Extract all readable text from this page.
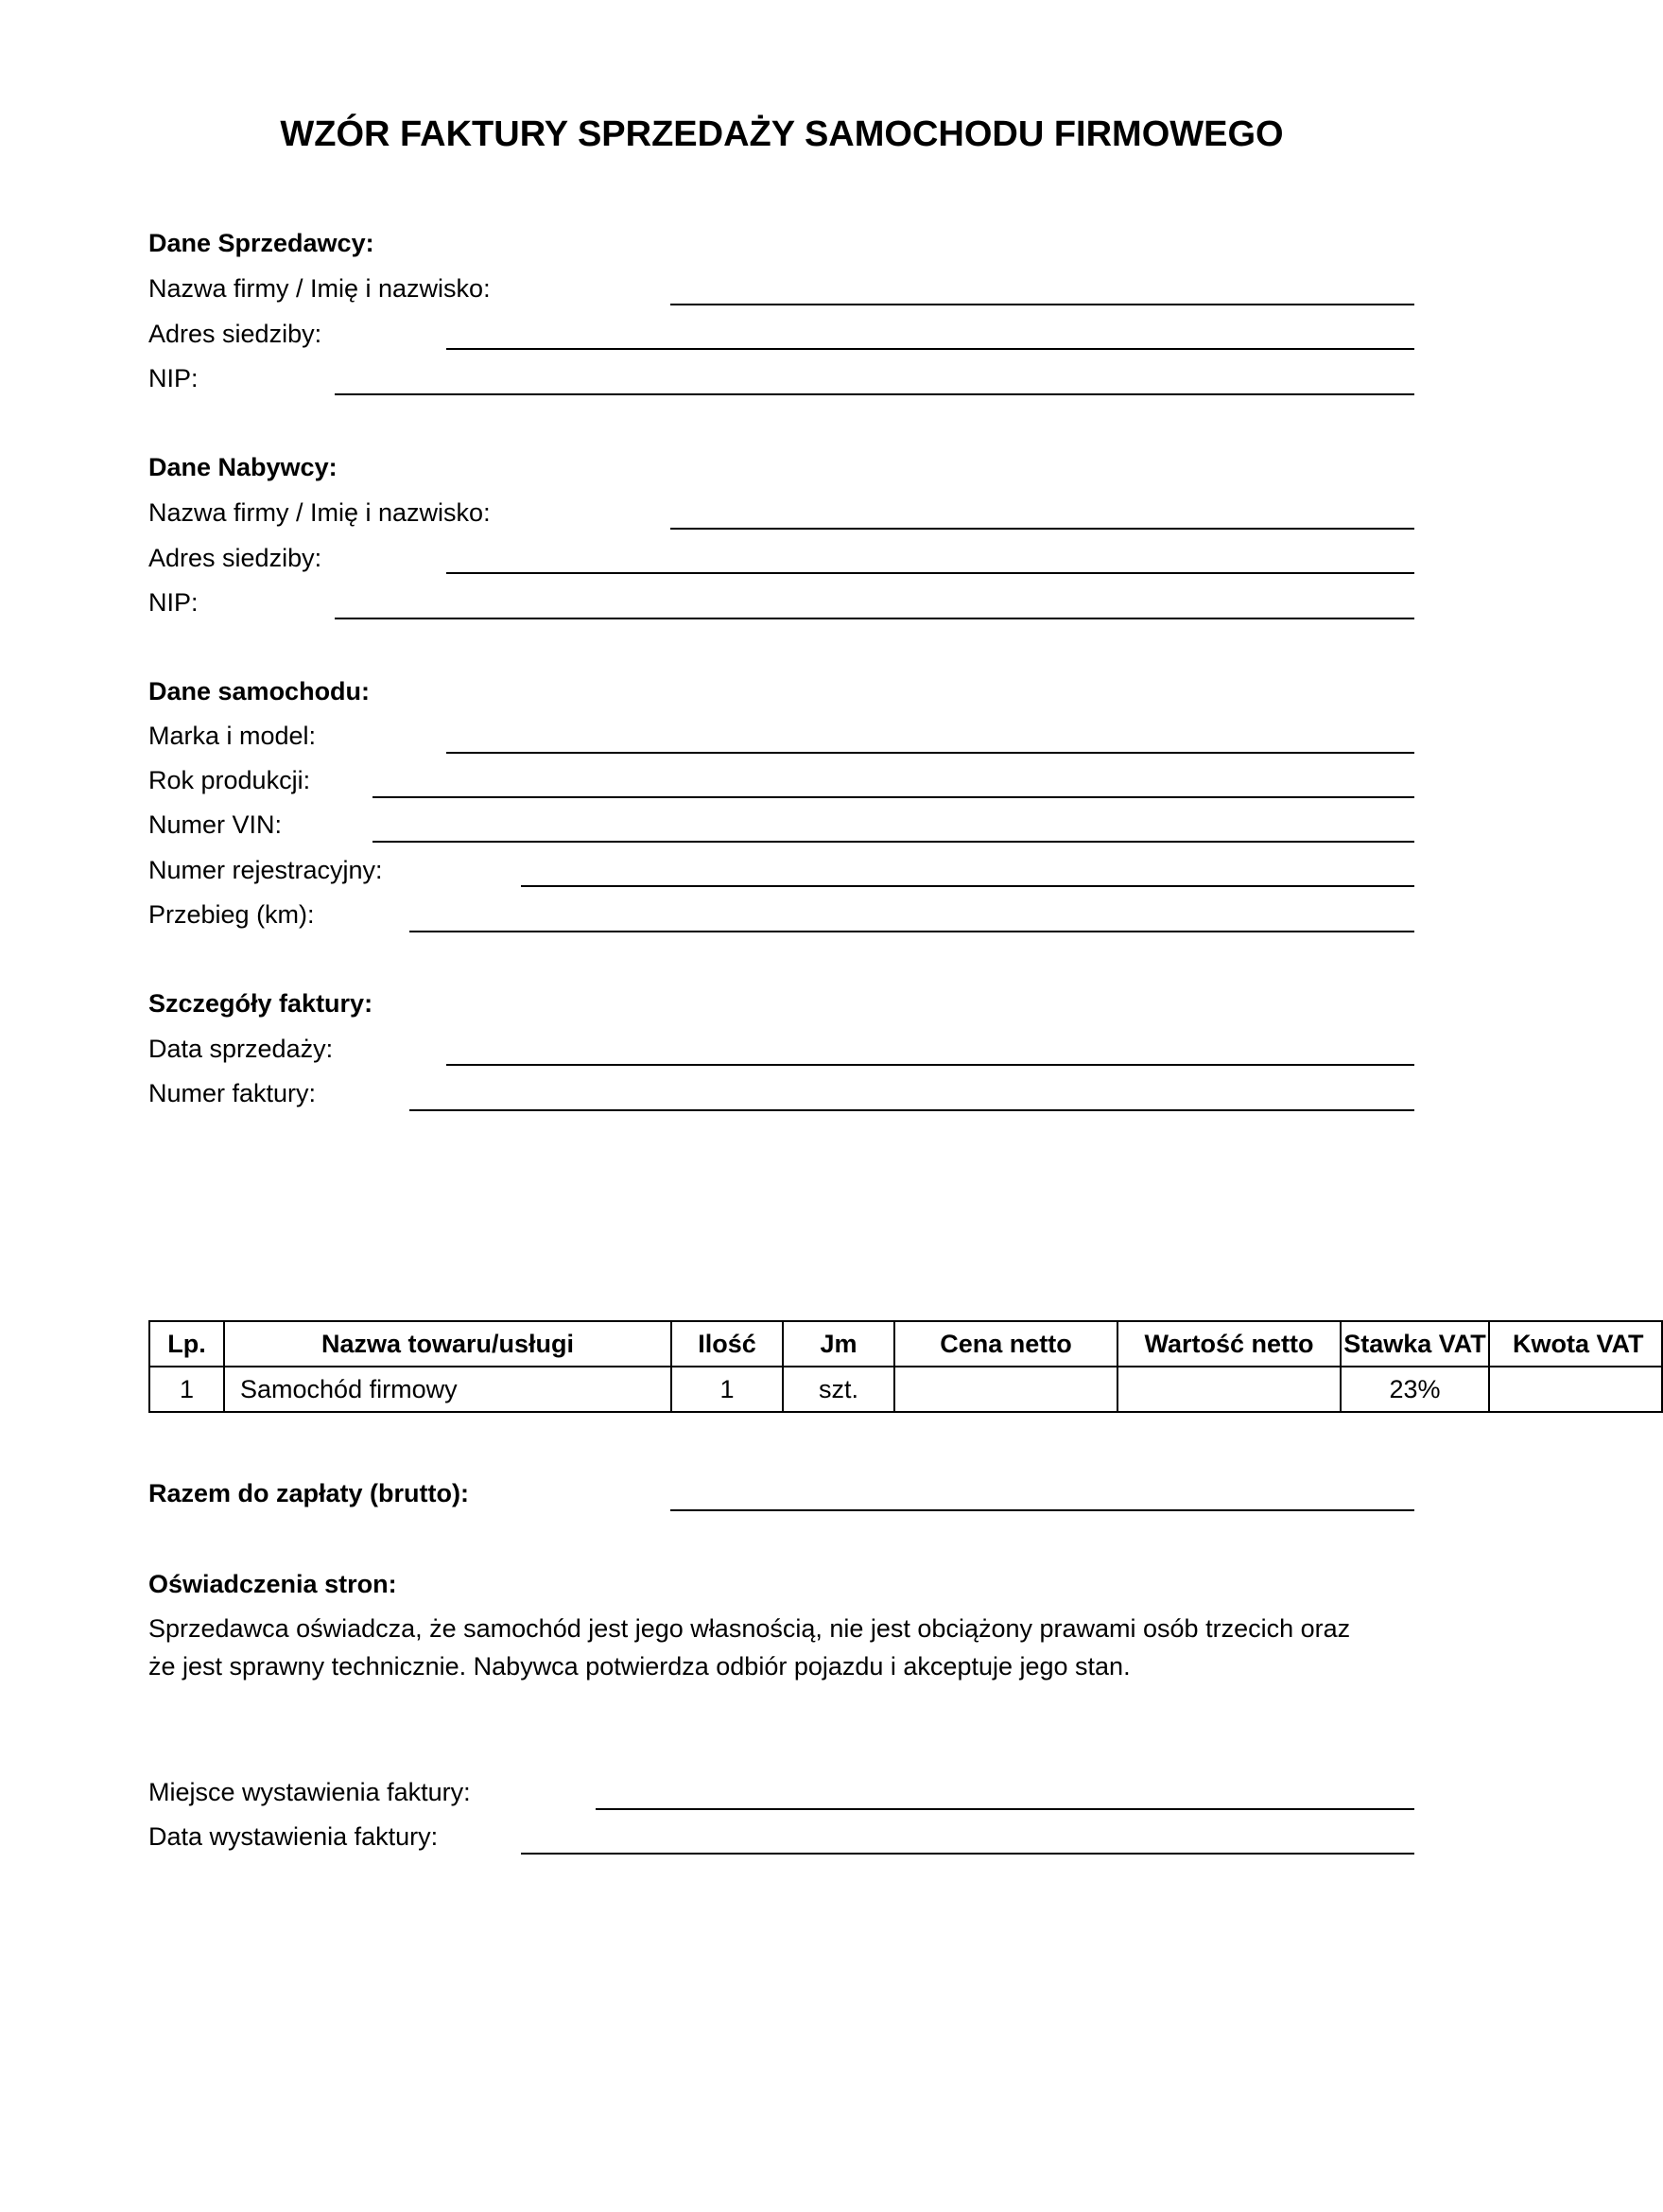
WZÓR FAKTURY SPRZEDAŻY SAMOCHODU FIRMOWEGO
Dane Sprzedawcy:
Nazwa firmy / Imię i nazwisko:
Adres siedziby:
NIP:
Dane Nabywcy:
Nazwa firmy / Imię i nazwisko:
Adres siedziby:
NIP:
Dane samochodu:
Marka i model:
Rok produkcji:
Numer VIN:
Numer rejestracyjny:
Przebieg (km):
Szczegóły faktury:
Data sprzedaży:
Numer faktury:
Lp.	Nazwa towaru/usługi	Ilość	Jm	Cena netto	Wartość netto	Stawka VAT	Kwota VAT
1	Samochód firmowy	1	szt.			23%	
Razem do zapłaty (brutto):
Oświadczenia stron:
Sprzedawca oświadcza, że samochód jest jego własnością, nie jest obciążony prawami osób trzecich oraz
że jest sprawny technicznie. Nabywca potwierdza odbiór pojazdu i akceptuje jego stan.
Miejsce wystawienia faktury:
Data wystawienia faktury:
